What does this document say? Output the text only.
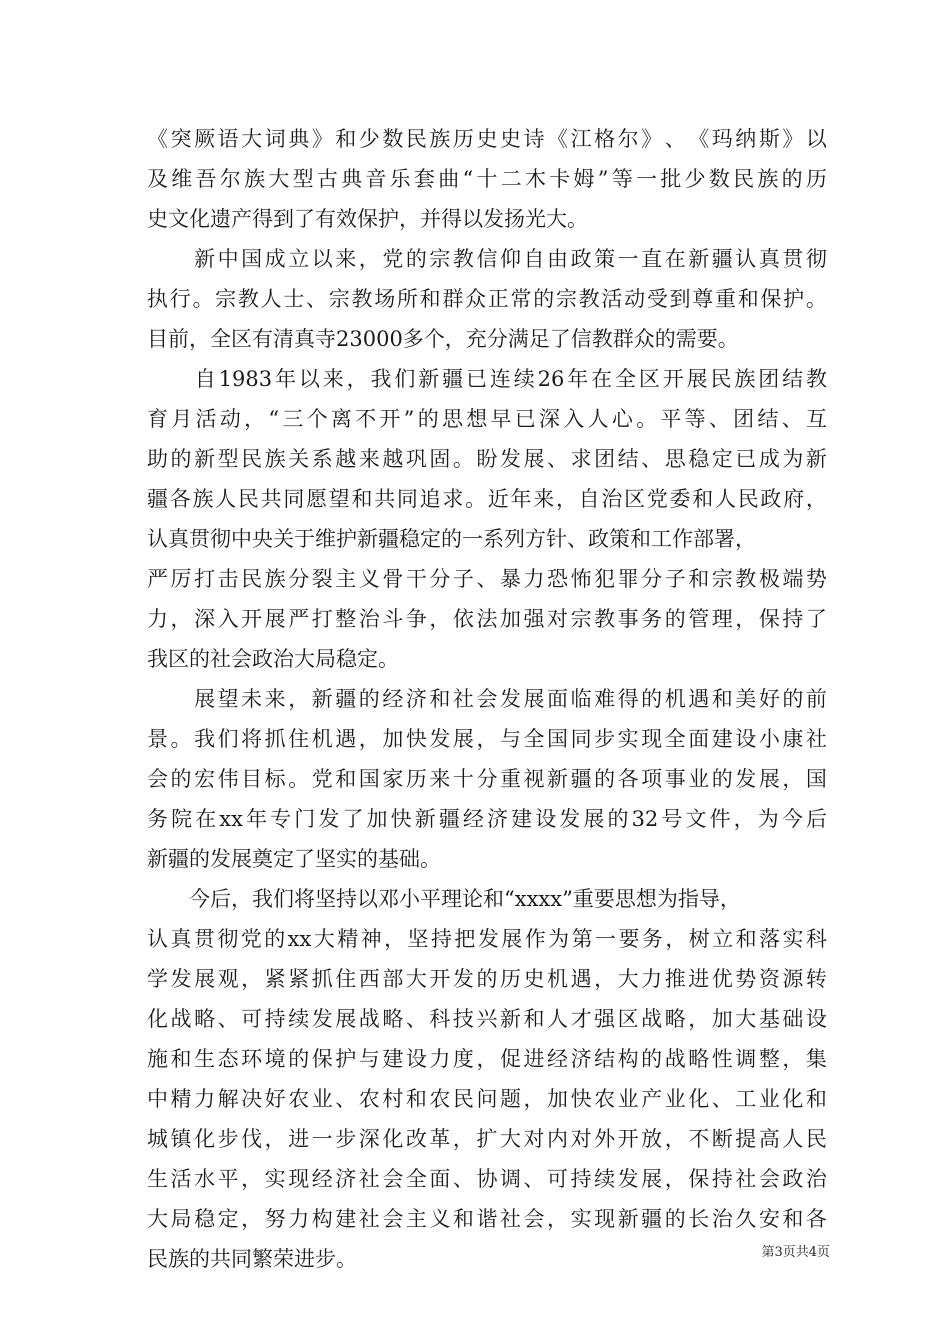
《 突 厥 语 大 词 典 》 和 少 数 民 族 历 史 史 诗 《 江 格 尔 》 、 《 玛 纳 斯 》 以
及 维 吾 尔 族 大 型 古 典 音 乐 套 曲 “ 十 二 木 卡 姆 ” 等 一 批 少 数 民 族 的 历
史文化遗产得到了有效保护，并得以发扬光大。

新 中 国 成 立 以 来 ， 党 的 宗 教 信 仰 自 由 政 策 一 直 在 新 疆 认 真 贯 彻
执 行 。 宗 教 人 士 、 宗 教 场 所 和 群 众 正 常 的 宗 教 活 动 受 到 尊 重 和 保 护 。
目前，全区有清真寺23000多个，充分满足了信教群众的需要。

自 1983 年 以 来 ， 我 们 新 疆 已 连 续 26 年 在 全 区 开 展 民 族 团 结 教
育 月 活 动 ， “ 三 个 离 不 开 ” 的 思 想 早 已 深 入 人 心 。 平 等 、 团 结 、 互
助 的 新 型 民 族 关 系 越 来 越 巩 固 。 盼 发 展 、 求 团 结 、 思 稳 定 已 成 为 新
疆 各 族 人 民 共 同 愿 望 和 共 同 追 求 。 近 年 来 ， 自 治 区 党 委 和 人 民 政 府 ，
认真贯彻中央关于维护新疆稳定的一系列方针、政策和工作部署，
严 厉 打 击 民 族 分 裂 主 义 骨 干 分 子 、 暴 力 恐 怖 犯 罪 分 子 和 宗 教 极 端 势
力 ， 深 入 开 展 严 打 整 治 斗 争 ， 依 法 加 强 对 宗 教 事 务 的 管 理 ， 保 持 了
我区的社会政治大局稳定。

展 望 未 来 ， 新 疆 的 经 济 和 社 会 发 展 面 临 难 得 的 机 遇 和 美 好 的 前
景 。 我 们 将 抓 住 机 遇 ， 加 快 发 展 ， 与 全 国 同 步 实 现 全 面 建 设 小 康 社
会 的 宏 伟 目 标 。 党 和 国 家 历 来 十 分 重 视 新 疆 的 各 项 事 业 的 发 展 ， 国
务 院 在 xx 年 专 门 发 了 加 快 新 疆 经 济 建 设 发 展 的 32 号 文 件 ， 为 今 后
新疆的发展奠定了坚实的基础。
　　今后，我们将坚持以邓小平理论和“xxxx”重要思想为指导，
认 真 贯 彻 党 的 xx 大 精 神 ， 坚 持 把 发 展 作 为 第 一 要 务 ， 树 立 和 落 实 科
学 发 展 观 ， 紧 紧 抓 住 西 部 大 开 发 的 历 史 机 遇 ， 大 力 推 进 优 势 资 源 转
化 战 略 、 可 持 续 发 展 战 略 、 科 技 兴 新 和 人 才 强 区 战 略 ， 加 大 基 础 设
施 和 生 态 环 境 的 保 护 与 建 设 力 度 ， 促 进 经 济 结 构 的 战 略 性 调 整 ， 集
中 精 力 解 决 好 农 业 、 农 村 和 农 民 问 题 ， 加 快 农 业 产 业 化 、 工 业 化 和
城 镇 化 步 伐 ， 进 一 步 深 化 改 革 ， 扩 大 对 内 对 外 开 放 ， 不 断 提 高 人 民
生 活 水 平 ， 实 现 经 济 社 会 全 面 、 协 调 、 可 持 续 发 展 ， 保 持 社 会 政 治
大 局 稳 定 ， 努 力 构 建 社 会 主 义 和 谐 社 会 ， 实 现 新 疆 的 长 治 久 安 和 各
民族的共同繁荣进步。	第3页共4页
